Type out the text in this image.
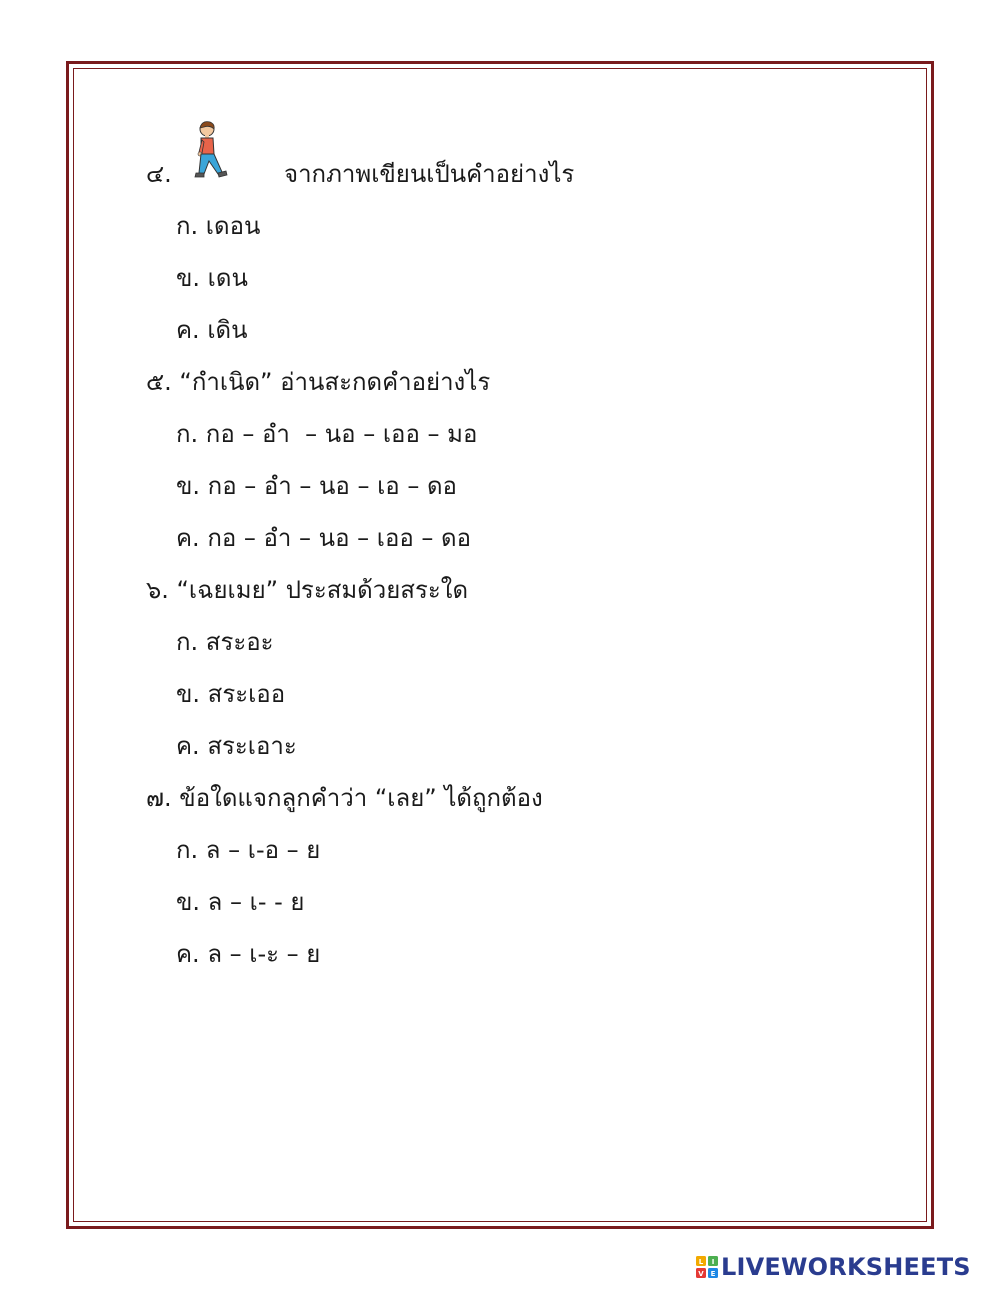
๔.	จากภาพเขียนเป็นคำอย่างไร
ก. เดอน
ข. เดน
ค. เดิน
๕. “กำเนิด” อ่านสะกดคำอย่างไร
ก. กอ – อำ  – นอ – เออ – มอ
ข. กอ – อำ – นอ – เอ – ดอ
ค. กอ – อำ – นอ – เออ – ดอ
๖. “เฉยเมย” ประสมด้วยสระใด
ก. สระอะ
ข. สระเออ
ค. สระเอาะ
๗. ข้อใดแจกลูกคำว่า “เลย” ได้ถูกต้อง
ก. ล – เ-อ – ย
ข. ล – เ- - ย
ค. ล – เ-ะ – ย
L I
V E LIVEWORKSHEETS
